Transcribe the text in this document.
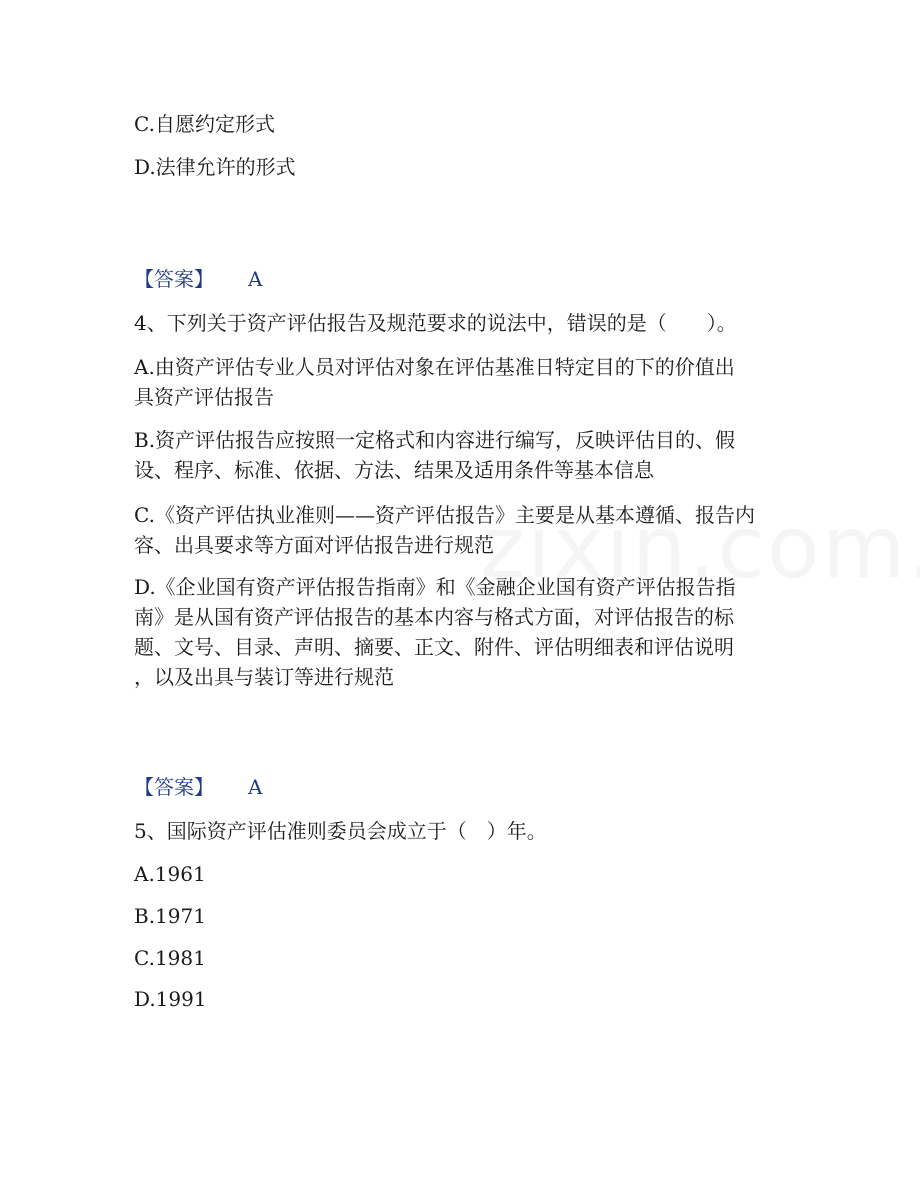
C.自愿约定形式

D.法律允许的形式

【答案】 A

4、下列关于资产评估报告及规范要求的说法中，错误的是（　　）。

A.由资产评估专业人员对评估对象在评估基准日特定目的下的价值出

具资产评估报告

B.资产评估报告应按照一定格式和内容进行编写，反映评估目的、假

设、程序、标准、依据、方法、结果及适用条件等基本信息

C.《资产评估执业准则——资产评估报告》主要是从基本遵循、报告内

容、出具要求等方面对评估报告进行规范

D.《企业国有资产评估报告指南》和《金融企业国有资产评估报告指

南》是从国有资产评估报告的基本内容与格式方面，对评估报告的标

题、文号、目录、声明、摘要、正文、附件、评估明细表和评估说明

，以及出具与装订等进行规范

【答案】 A

5、国际资产评估准则委员会成立于（　）年。

A.1961

B.1971

C.1981

D.1991
